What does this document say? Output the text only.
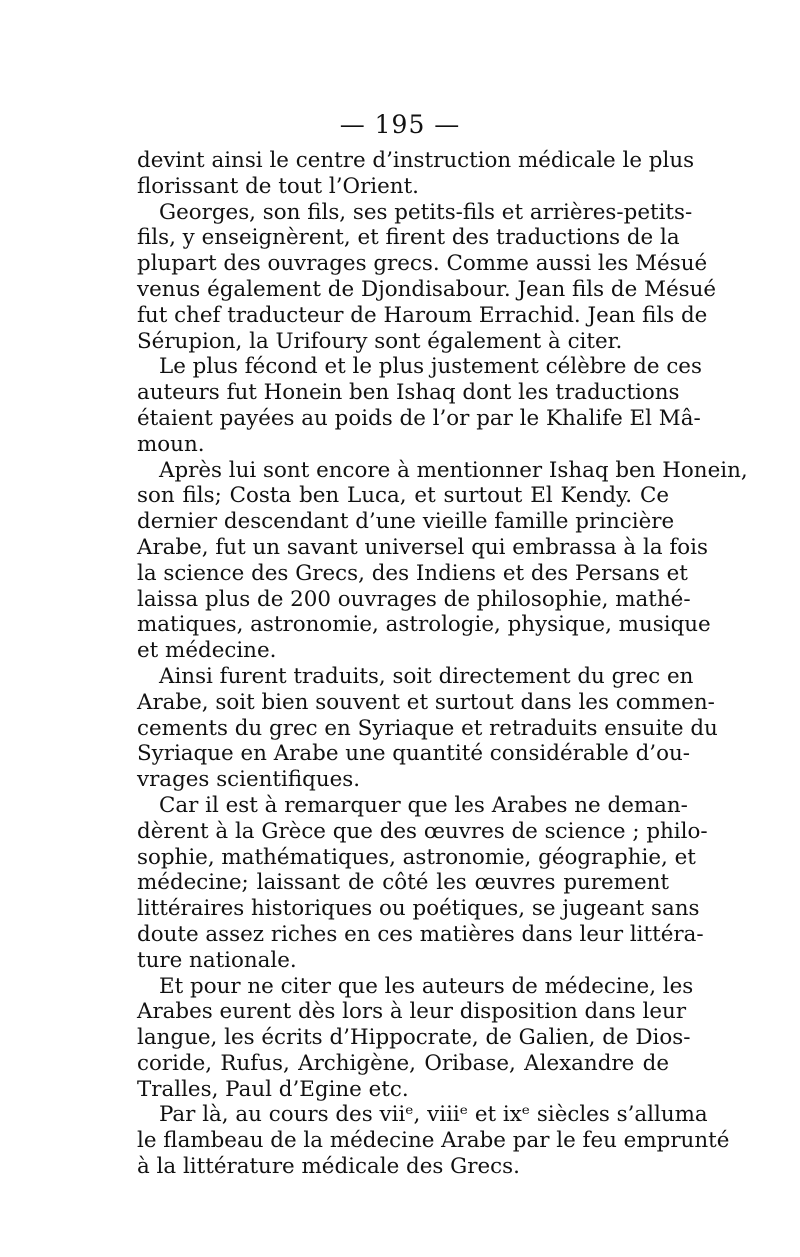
— 195 —
devint ainsi le centre d’instruction médicale le plus
florissant de tout l’Orient.
Georges, son fils, ses petits-fils et arrières-petits-
fils, y enseignèrent, et firent des traductions de la
plupart des ouvrages grecs. Comme aussi les Mésué
venus également de Djondisabour. Jean fils de Mésué
fut chef traducteur de Haroum Errachid. Jean fils de
Sérupion, la Urifoury sont également à citer.
Le plus fécond et le plus justement célèbre de ces
auteurs fut Honein ben Ishaq dont les traductions
étaient payées au poids de l’or par le Khalife El Mâ-
moun.
Après lui sont encore à mentionner Ishaq ben Honein,
son fils; Costa ben Luca, et surtout El Kendy. Ce
dernier descendant d’une vieille famille princière
Arabe, fut un savant universel qui embrassa à la fois
la science des Grecs, des Indiens et des Persans et
laissa plus de 200 ouvrages de philosophie, mathé-
matiques, astronomie, astrologie, physique, musique
et médecine.
Ainsi furent traduits, soit directement du grec en
Arabe, soit bien souvent et surtout dans les commen-
cements du grec en Syriaque et retraduits ensuite du
Syriaque en Arabe une quantité considérable d’ou-
vrages scientifiques.
Car il est à remarquer que les Arabes ne deman-
dèrent à la Grèce que des œuvres de science ; philo-
sophie, mathématiques, astronomie, géographie, et
médecine; laissant de côté les œuvres purement
littéraires historiques ou poétiques, se jugeant sans
doute assez riches en ces matières dans leur littéra-
ture nationale.
Et pour ne citer que les auteurs de médecine, les
Arabes eurent dès lors à leur disposition dans leur
langue, les écrits d’Hippocrate, de Galien, de Dios-
coride, Rufus, Archigène, Oribase, Alexandre de
Tralles, Paul d’Egine etc.
Par là, au cours des viiᵉ, viiiᵉ et ixᵉ siècles s’alluma
le flambeau de la médecine Arabe par le feu emprunté
à la littérature médicale des Grecs.
